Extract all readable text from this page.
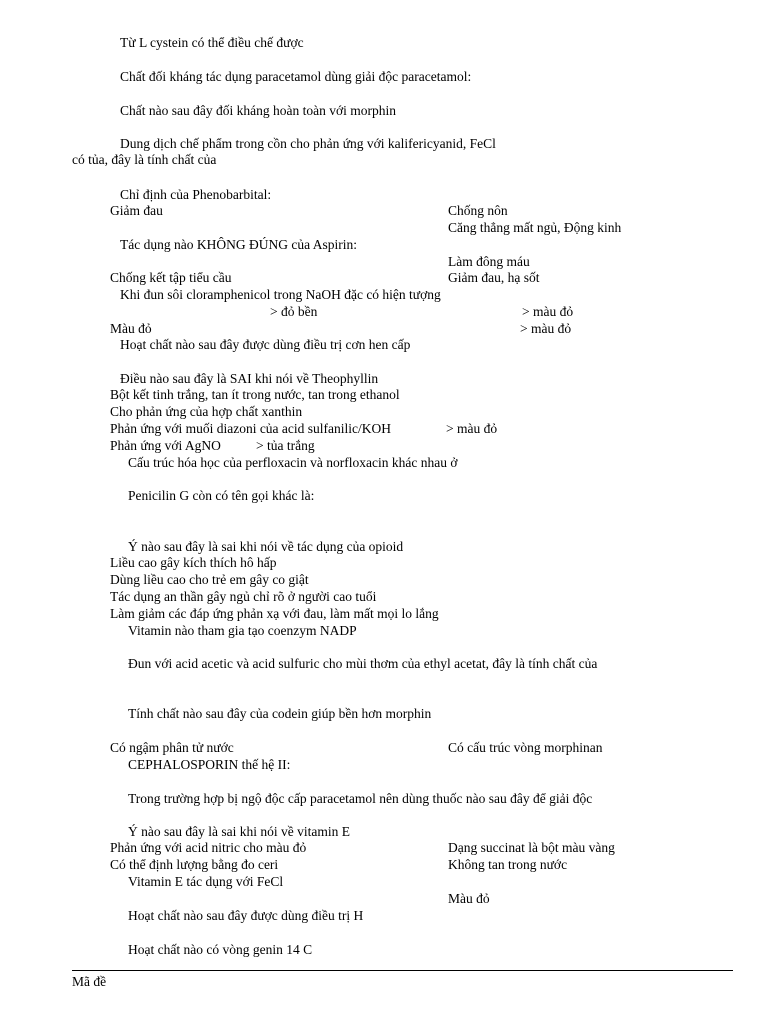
Từ L cystein có thể điều chế được
Chất đối kháng tác dụng paracetamol dùng giải độc paracetamol:
Chất nào sau đây đối kháng hoàn toàn với morphin
Dung dịch chế phẩm trong cồn cho phản ứng với kalifericyanid, FeCl
có tủa, đây là tính chất của
Chỉ định của Phenobarbital:
Giảm đau	Chống nôn
Căng thẳng mất ngủ, Động kinh
Tác dụng nào KHÔNG ĐÚNG của Aspirin:
Làm đông máu
Chống kết tập tiểu cầu	Giảm đau, hạ sốt
Khi đun sôi cloramphenicol trong NaOH đặc có hiện tượng
> đỏ bền	> màu đỏ
Màu đỏ	> màu đỏ
Hoạt chất nào sau đây được dùng điều trị cơn hen cấp
Điều nào sau đây là SAI khi nói về Theophyllin
Bột kết tinh trắng, tan ít trong nước, tan trong ethanol
Cho phản ứng của hợp chất xanthin
Phản ứng với muối diazoni của acid sulfanilic/KOH	> màu đỏ
Phản ứng với AgNO	> tủa trắng
Cấu trúc hóa học của perfloxacin và norfloxacin khác nhau ở
Penicilin G còn có tên gọi khác là:
Ý nào sau đây là sai khi nói về tác dụng của opioid
Liều cao gây kích thích hô hấp
Dùng liều cao cho trẻ em gây co giật
Tác dụng an thần gây ngủ chỉ rõ ở người cao tuổi
Làm giảm các đáp ứng phản xạ với đau, làm mất mọi lo lắng
Vitamin nào tham gia tạo coenzym NADP
Đun với acid acetic và acid sulfuric cho mùi thơm của ethyl acetat, đây là tính chất của
Tính chất nào sau đây của codein giúp bền hơn morphin
Có ngậm phân tử nước	Có cấu trúc vòng morphinan
CEPHALOSPORIN thế hệ II:
Trong trường hợp bị ngộ độc cấp paracetamol nên dùng thuốc nào sau đây để giải độc
Ý nào sau đây là sai khi nói về vitamin E
Phản ứng với acid nitric cho màu đỏ	Dạng succinat là bột màu vàng
Có thể định lượng bằng đo ceri	Không tan trong nước
Vitamin E tác dụng với FeCl
Màu đỏ
Hoạt chất nào sau đây được dùng điều trị H
Hoạt chất nào có vòng genin 14 C
Mã đề
